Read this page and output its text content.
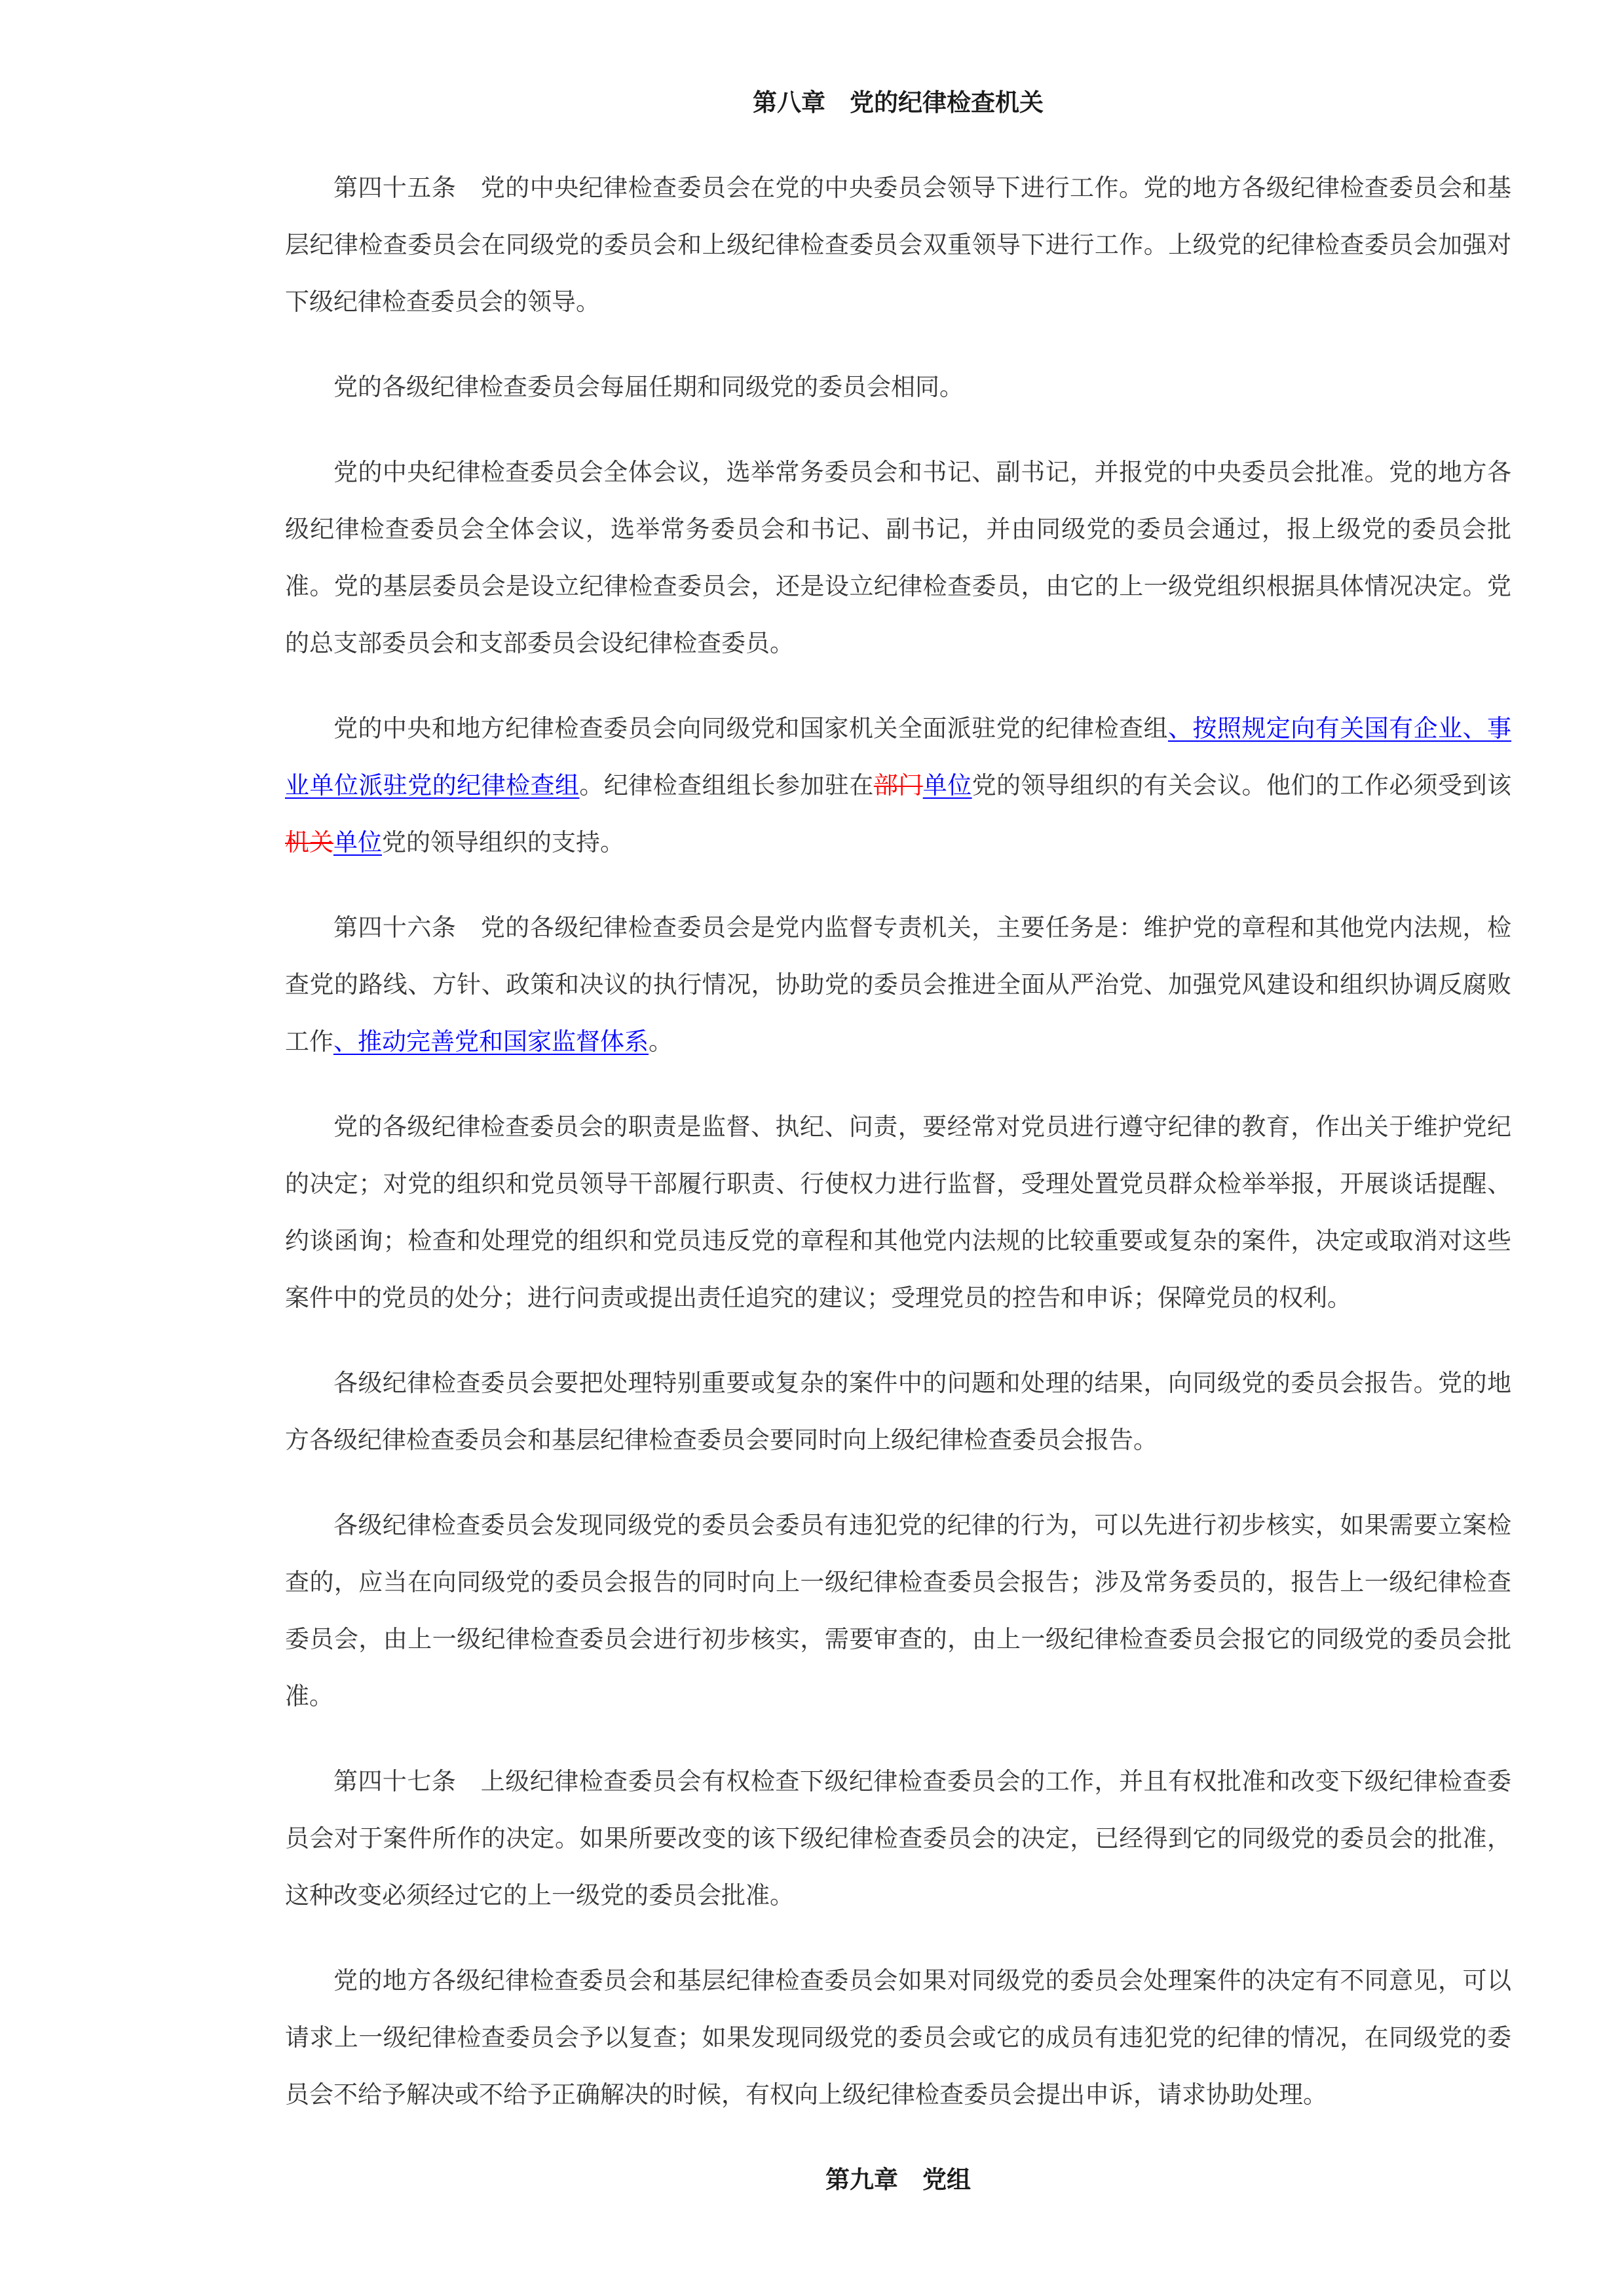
第八章　党的纪律检查机关

第四十五条　党的中央纪律检查委员会在党的中央委员会领导下进行工作。党的地方各级纪律检查委员会和基层纪律检查委员会在同级党的委员会和上级纪律检查委员会双重领导下进行工作。上级党的纪律检查委员会加强对下级纪律检查委员会的领导。

党的各级纪律检查委员会每届任期和同级党的委员会相同。

党的中央纪律检查委员会全体会议，选举常务委员会和书记、副书记，并报党的中央委员会批准。党的地方各级纪律检查委员会全体会议，选举常务委员会和书记、副书记，并由同级党的委员会通过，报上级党的委员会批准。党的基层委员会是设立纪律检查委员会，还是设立纪律检查委员，由它的上一级党组织根据具体情况决定。党的总支部委员会和支部委员会设纪律检查委员。

党的中央和地方纪律检查委员会向同级党和国家机关全面派驻党的纪律检查组、按照规定向有关国有企业、事业单位派驻党的纪律检查组。纪律检查组组长参加驻在部门单位党的领导组织的有关会议。他们的工作必须受到该机关单位党的领导组织的支持。

第四十六条　党的各级纪律检查委员会是党内监督专责机关，主要任务是：维护党的章程和其他党内法规，检查党的路线、方针、政策和决议的执行情况，协助党的委员会推进全面从严治党、加强党风建设和组织协调反腐败工作、推动完善党和国家监督体系。

党的各级纪律检查委员会的职责是监督、执纪、问责，要经常对党员进行遵守纪律的教育，作出关于维护党纪的决定；对党的组织和党员领导干部履行职责、行使权力进行监督，受理处置党员群众检举举报，开展谈话提醒、约谈函询；检查和处理党的组织和党员违反党的章程和其他党内法规的比较重要或复杂的案件，决定或取消对这些案件中的党员的处分；进行问责或提出责任追究的建议；受理党员的控告和申诉；保障党员的权利。

各级纪律检查委员会要把处理特别重要或复杂的案件中的问题和处理的结果，向同级党的委员会报告。党的地方各级纪律检查委员会和基层纪律检查委员会要同时向上级纪律检查委员会报告。

各级纪律检查委员会发现同级党的委员会委员有违犯党的纪律的行为，可以先进行初步核实，如果需要立案检查的，应当在向同级党的委员会报告的同时向上一级纪律检查委员会报告；涉及常务委员的，报告上一级纪律检查委员会，由上一级纪律检查委员会进行初步核实，需要审查的，由上一级纪律检查委员会报它的同级党的委员会批准。

第四十七条　上级纪律检查委员会有权检查下级纪律检查委员会的工作，并且有权批准和改变下级纪律检查委员会对于案件所作的决定。如果所要改变的该下级纪律检查委员会的决定，已经得到它的同级党的委员会的批准，这种改变必须经过它的上一级党的委员会批准。

党的地方各级纪律检查委员会和基层纪律检查委员会如果对同级党的委员会处理案件的决定有不同意见，可以请求上一级纪律检查委员会予以复查；如果发现同级党的委员会或它的成员有违犯党的纪律的情况，在同级党的委员会不给予解决或不给予正确解决的时候，有权向上级纪律检查委员会提出申诉，请求协助处理。

第九章　党组
